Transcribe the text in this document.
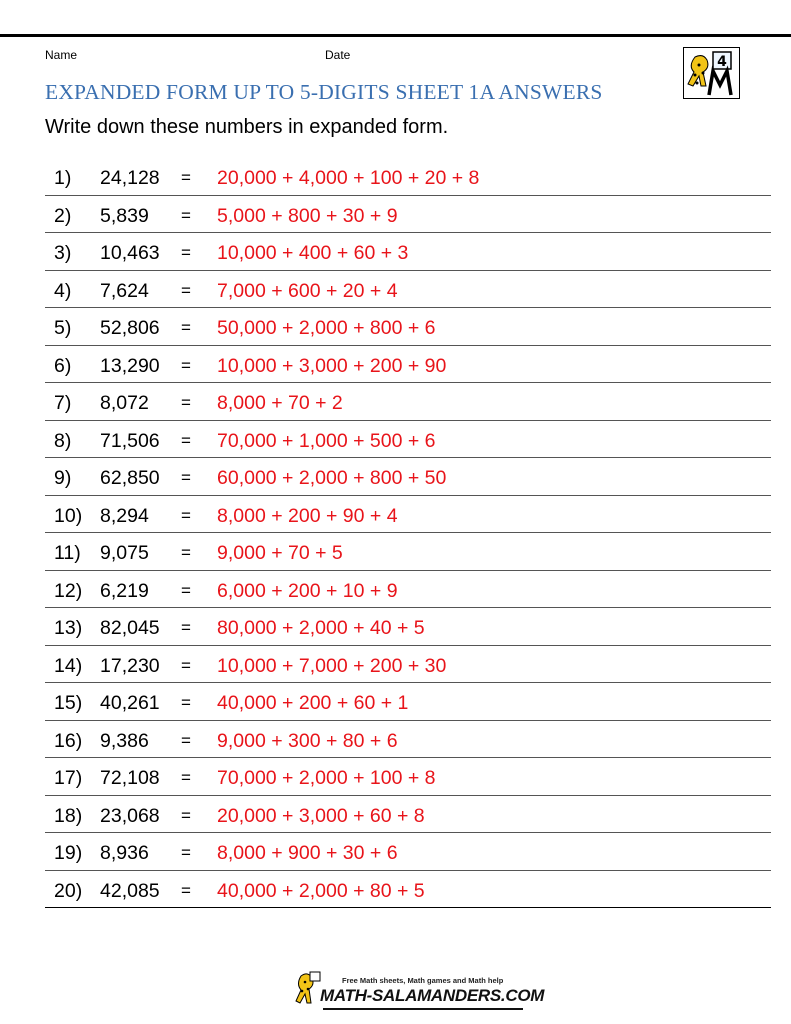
Name	Date	4
EXPANDED FORM UP TO 5-DIGITS SHEET 1A ANSWERS
Write down these numbers in expanded form.
1) 24,128 = 20,000 + 4,000 + 100 + 20 + 8
2) 5,839 = 5,000 + 800 + 30 + 9
3) 10,463 = 10,000 + 400 + 60 + 3
4) 7,624 = 7,000 + 600 + 20 + 4
5) 52,806 = 50,000 + 2,000 + 800 + 6
6) 13,290 = 10,000 + 3,000 + 200 + 90
7) 8,072 = 8,000 + 70 + 2
8) 71,506 = 70,000 + 1,000 + 500 + 6
9) 62,850 = 60,000 + 2,000 + 800 + 50
10) 8,294 = 8,000 + 200 + 90 + 4
11) 9,075 = 9,000 + 70 + 5
12) 6,219 = 6,000 + 200 + 10 + 9
13) 82,045 = 80,000 + 2,000 + 40 + 5
14) 17,230 = 10,000 + 7,000 + 200 + 30
15) 40,261 = 40,000 + 200 + 60 + 1
16) 9,386 = 9,000 + 300 + 80 + 6
17) 72,108 = 70,000 + 2,000 + 100 + 8
18) 23,068 = 20,000 + 3,000 + 60 + 8
19) 8,936 = 8,000 + 900 + 30 + 6
20) 42,085 = 40,000 + 2,000 + 80 + 5
Free Math sheets, Math games and Math help
MATH-SALAMANDERS.COM
